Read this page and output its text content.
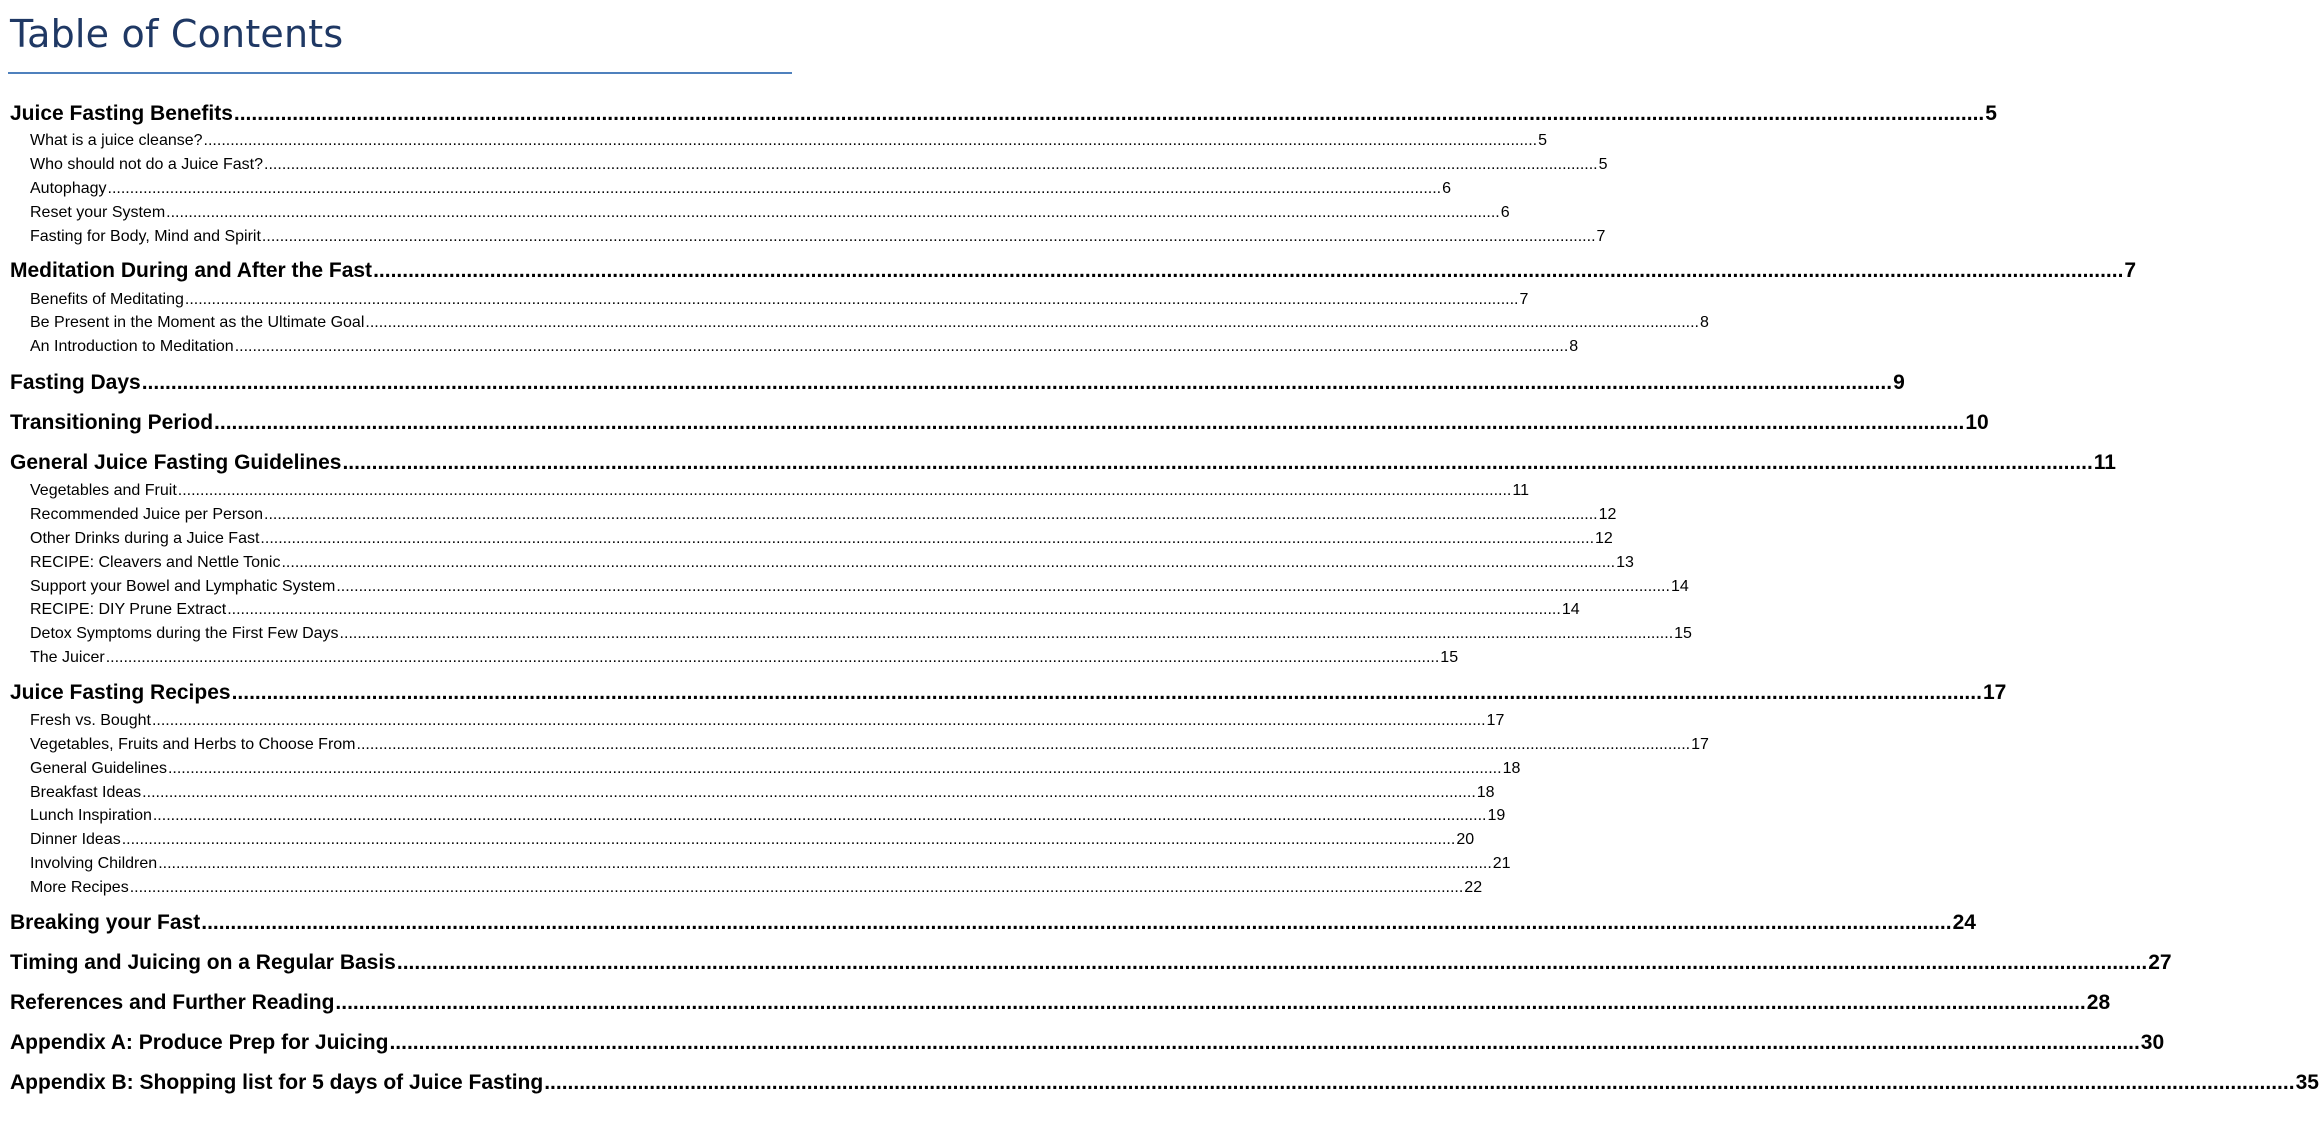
Table of Contents
Juice Fasting Benefits ............................................................................................................................................................................................................................................................................................................ 5
What is a juice cleanse? ............................................................................................................................................................................................................................................................................................................ 5
Who should not do a Juice Fast? ............................................................................................................................................................................................................................................................................................................ 5
Autophagy ............................................................................................................................................................................................................................................................................................................ 6
Reset your System ............................................................................................................................................................................................................................................................................................................ 6
Fasting for Body, Mind and Spirit ............................................................................................................................................................................................................................................................................................................ 7
Meditation During and After the Fast ............................................................................................................................................................................................................................................................................................................ 7
Benefits of Meditating ............................................................................................................................................................................................................................................................................................................ 7
Be Present in the Moment as the Ultimate Goal ............................................................................................................................................................................................................................................................................................................ 8
An Introduction to Meditation ............................................................................................................................................................................................................................................................................................................ 8
Fasting Days ............................................................................................................................................................................................................................................................................................................ 9
Transitioning Period ............................................................................................................................................................................................................................................................................................................ 10
General Juice Fasting Guidelines ............................................................................................................................................................................................................................................................................................................ 11
Vegetables and Fruit ............................................................................................................................................................................................................................................................................................................ 11
Recommended Juice per Person ............................................................................................................................................................................................................................................................................................................ 12
Other Drinks during a Juice Fast ............................................................................................................................................................................................................................................................................................................ 12
RECIPE: Cleavers and Nettle Tonic ............................................................................................................................................................................................................................................................................................................ 13
Support your Bowel and Lymphatic System ............................................................................................................................................................................................................................................................................................................ 14
RECIPE: DIY Prune Extract ............................................................................................................................................................................................................................................................................................................ 14
Detox Symptoms during the First Few Days ............................................................................................................................................................................................................................................................................................................ 15
The Juicer ............................................................................................................................................................................................................................................................................................................ 15
Juice Fasting Recipes ............................................................................................................................................................................................................................................................................................................ 17
Fresh vs. Bought ............................................................................................................................................................................................................................................................................................................ 17
Vegetables, Fruits and Herbs to Choose From ............................................................................................................................................................................................................................................................................................................ 17
General Guidelines ............................................................................................................................................................................................................................................................................................................ 18
Breakfast Ideas ............................................................................................................................................................................................................................................................................................................ 18
Lunch Inspiration ............................................................................................................................................................................................................................................................................................................ 19
Dinner Ideas ............................................................................................................................................................................................................................................................................................................ 20
Involving Children ............................................................................................................................................................................................................................................................................................................ 21
More Recipes ............................................................................................................................................................................................................................................................................................................ 22
Breaking your Fast ............................................................................................................................................................................................................................................................................................................ 24
Timing and Juicing on a Regular Basis ............................................................................................................................................................................................................................................................................................................ 27
References and Further Reading ............................................................................................................................................................................................................................................................................................................ 28
Appendix A: Produce Prep for Juicing ............................................................................................................................................................................................................................................................................................................ 30
Appendix B: Shopping list for 5 days of Juice Fasting ............................................................................................................................................................................................................................................................................................................ 35
